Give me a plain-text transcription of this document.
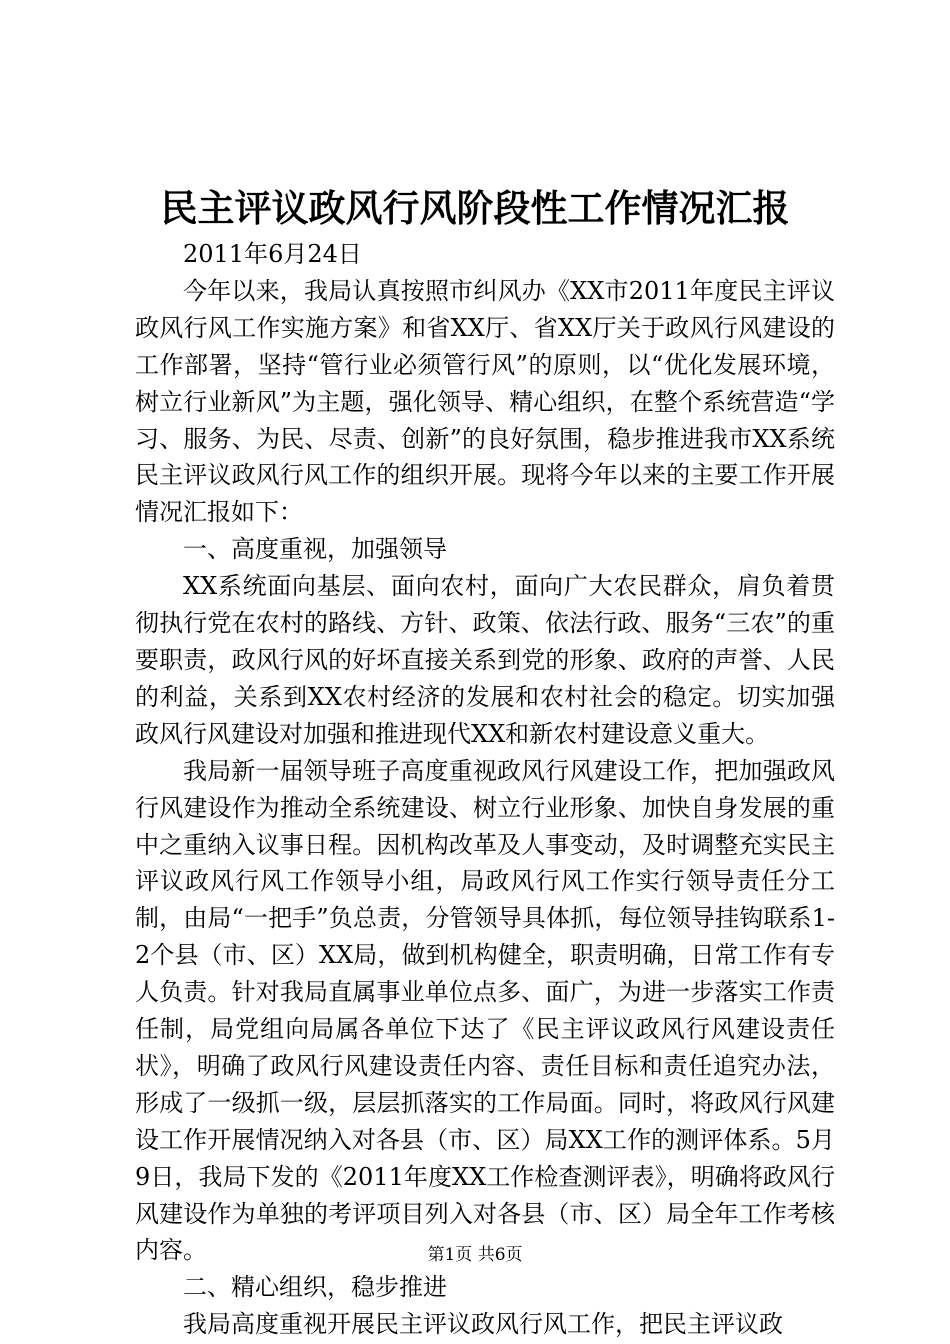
民主评议政风行风阶段性工作情况汇报

2011年6月24日

今年以来，我局认真按照市纠风办《XX市2011年度民主评议政风行风工作实施方案》和省XX厅、省XX厅关于政风行风建设的工作部署，坚持“管行业必须管行风”的原则，以“优化发展环境，树立行业新风”为主题，强化领导、精心组织，在整个系统营造“学习、服务、为民、尽责、创新”的良好氛围，稳步推进我市XX系统民主评议政风行风工作的组织开展。现将今年以来的主要工作开展情况汇报如下：

一、高度重视，加强领导

XX系统面向基层、面向农村，面向广大农民群众，肩负着贯彻执行党在农村的路线、方针、政策、依法行政、服务“三农”的重要职责，政风行风的好坏直接关系到党的形象、政府的声誉、人民的利益，关系到XX农村经济的发展和农村社会的稳定。切实加强政风行风建设对加强和推进现代XX和新农村建设意义重大。

我局新一届领导班子高度重视政风行风建设工作，把加强政风行风建设作为推动全系统建设、树立行业形象、加快自身发展的重中之重纳入议事日程。因机构改革及人事变动，及时调整充实民主评议政风行风工作领导小组，局政风行风工作实行领导责任分工制，由局“一把手”负总责，分管领导具体抓，每位领导挂钩联系1-2个县（市、区）XX局，做到机构健全，职责明确，日常工作有专人负责。针对我局直属事业单位点多、面广，为进一步落实工作责任制，局党组向局属各单位下达了《民主评议政风行风建设责任状》，明确了政风行风建设责任内容、责任目标和责任追究办法，形成了一级抓一级，层层抓落实的工作局面。同时，将政风行风建设工作开展情况纳入对各县（市、区）局XX工作的测评体系。5月9日，我局下发的《2011年度XX工作检查测评表》，明确将政风行风建设作为单独的考评项目列入对各县（市、区）局全年工作考核内容。

二、精心组织，稳步推进

我局高度重视开展民主评议政风行风工作，把民主评议政

第1页 共6页
